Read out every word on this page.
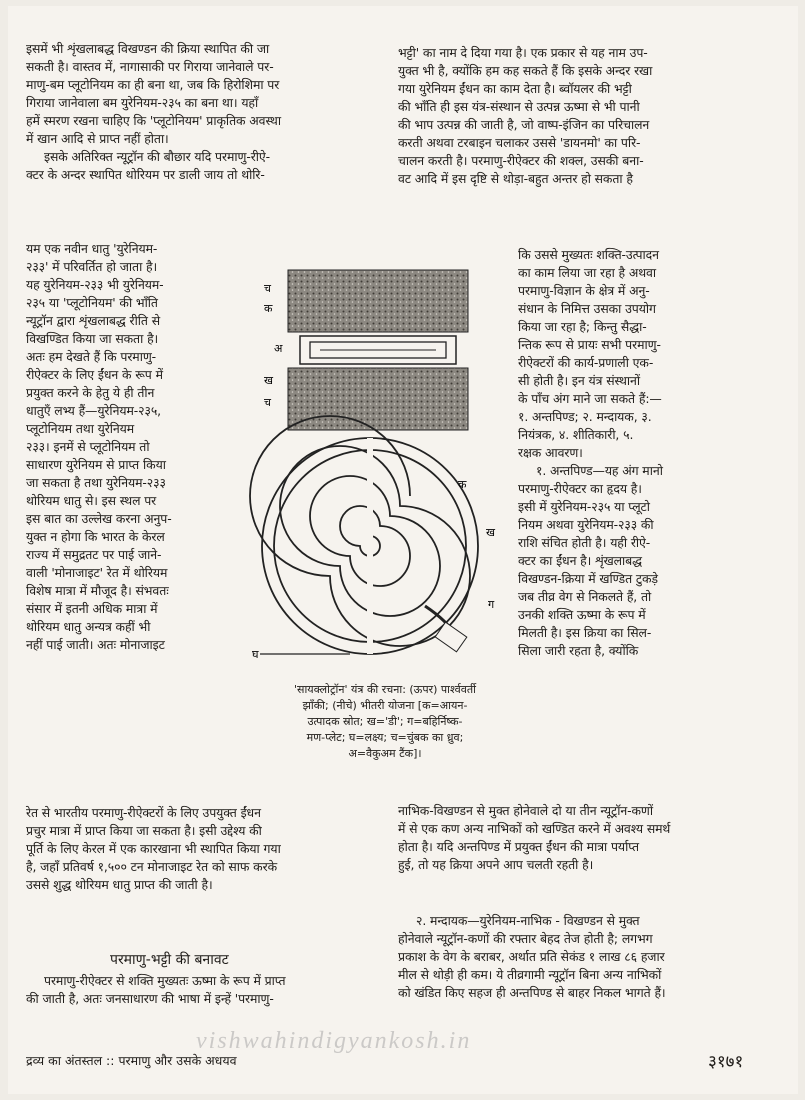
इसमें भी शृंखलाबद्ध विखण्डन की क्रिया स्थापित की जा

सकती है। वास्तव में, नागासाकी पर गिराया जानेवाले पर-

माणु-बम प्लूटोनियम का ही बना था, जब कि हिरोशिमा पर

गिराया जानेवाला बम युरेनियम-२३५ का बना था। यहाँ

हमें स्मरण रखना चाहिए कि 'प्लूटोनियम' प्राकृतिक अवस्था

में खान आदि से प्राप्त नहीं होता।

इसके अतिरिक्त न्यूट्रॉन की बौछार यदि परमाणु-रीऐ-

क्टर के अन्दर स्थापित थोरियम पर डाली जाय तो थोरि-

भट्टी' का नाम दे दिया गया है। एक प्रकार से यह नाम उप-

युक्त भी है, क्योंकि हम कह सकते हैं कि इसके अन्दर रखा

गया युरेनियम ईंधन का काम देता है। ब्वॉयलर की भट्टी

की भाँति ही इस यंत्र-संस्थान से उत्पन्न ऊष्मा से भी पानी

की भाप उत्पन्न की जाती है, जो वाष्प-इंजिन का परिचालन

करती अथवा टरबाइन चलाकर उससे 'डायनमो' का परि-

चालन करती है। परमाणु-रीऐक्टर की शक्ल, उसकी बना-

वट आदि में इस दृष्टि से थोड़ा-बहुत अन्तर हो सकता है

यम एक नवीन धातु 'युरेनियम-

२३३' में परिवर्तित हो जाता है।

यह युरेनियम-२३३ भी युरेनियम-

२३५ या 'प्लूटोनियम' की भाँति

न्यूट्रॉन द्वारा शृंखलाबद्ध रीति से

विखण्डित किया जा सकता है।

अतः हम देखते हैं कि परमाणु-

रीऐक्टर के लिए ईंधन के रूप में

प्रयुक्त करने के हेतु ये ही तीन

धातुएँ लभ्य हैं—युरेनियम-२३५,

प्लूटोनियम तथा युरेनियम

२३३। इनमें से प्लूटोनियम तो

साधारण युरेनियम से प्राप्त किया

जा सकता है तथा युरेनियम-२३३

थोरियम धातु से। इस स्थल पर

इस बात का उल्लेख करना अनुप-

युक्त न होगा कि भारत के केरल

राज्य में समुद्रतट पर पाई जाने-

वाली 'मोनाजाइट' रेत में थोरियम

विशेष मात्रा में मौजूद है। संभवतः

संसार में इतनी अधिक मात्रा में

थोरियम धातु अन्यत्र कहीं भी

नहीं पाई जाती। अतः मोनाजाइट

कि उससे मुख्यतः शक्ति-उत्पादन

का काम लिया जा रहा है अथवा

परमाणु-विज्ञान के क्षेत्र में अनु-

संधान के निमित्त उसका उपयोग

किया जा रहा है; किन्तु सैद्धा-

न्तिक रूप से प्रायः सभी परमाणु-

रीऐक्टरों की कार्य-प्रणाली एक-

सी होती है। इन यंत्र संस्थानों

के पाँच अंग माने जा सकते हैं:—

१. अन्तपिण्ड; २. मन्दायक, ३.

नियंत्रक, ४. शीतिकारी, ५.

रक्षक आवरण।

१. अन्तपिण्ड—यह अंग मानो

परमाणु-रीऐक्टर का हृदय है।

इसी में युरेनियम-२३५ या प्लूटो

नियम अथवा युरेनियम-२३३ की

राशि संचित होती है। यही रीऐ-

क्टर का ईंधन है। शृंखलाबद्ध

विखण्डन-क्रिया में खण्डित टुकड़े

जब तीव्र वेग से निकलते हैं, तो

उनकी शक्ति ऊष्मा के रूप में

मिलती है। इस क्रिया का सिल-

सिला जारी रहता है, क्योंकि

च
क
अ
ख
च
क
ख
ग
घ

'सायक्लोट्रॉन' यंत्र की रचना: (ऊपर) पार्श्ववर्ती

झाँकी; (नीचे) भीतरी योजना [क=आयन-

उत्पादक स्रोत; ख='डी'; ग=बहिर्निष्क-

मण-प्लेट; घ=लक्ष्य; च=चुंबक का ध्रुव;

अ=वैकुअम टैंक]।

रेत से भारतीय परमाणु-रीऐक्टरों के लिए उपयुक्त ईंधन

प्रचुर मात्रा में प्राप्त किया जा सकता है। इसी उद्देश्य की

पूर्ति के लिए केरल में एक कारखाना भी स्थापित किया गया

है, जहाँ प्रतिवर्ष १,५०० टन मोनाजाइट रेत को साफ करके

उससे शुद्ध थोरियम धातु प्राप्त की जाती है।

नाभिक-विखण्डन से मुक्त होनेवाले दो या तीन न्यूट्रॉन-कणों

में से एक कण अन्य नाभिकों को खण्डित करने में अवश्य समर्थ

होता है। यदि अन्तपिण्ड में प्रयुक्त ईंधन की मात्रा पर्याप्त

हुई, तो यह क्रिया अपने आप चलती रहती है।

परमाणु-भट्टी की बनावट

परमाणु-रीऐक्टर से शक्ति मुख्यतः ऊष्मा के रूप में प्राप्त

की जाती है, अतः जनसाधारण की भाषा में इन्हें 'परमाणु-

२. मन्दायक—युरेनियम-नाभिक - विखण्डन से मुक्त

होनेवाले न्यूट्रॉन-कणों की रफ्तार बेहद तेज होती है; लगभग

प्रकाश के वेग के बराबर, अर्थात प्रति सेकंड १ लाख ८६ हजार

मील से थोड़ी ही कम। ये तीव्रगामी न्यूट्रॉन बिना अन्य नाभिकों

को खंडित किए सहज ही अन्तपिण्ड से बाहर निकल भागते हैं।

vishwahindigyankosh.in
द्रव्य का अंतस्तल :: परमाणु और उसके अधयव	३१७१
